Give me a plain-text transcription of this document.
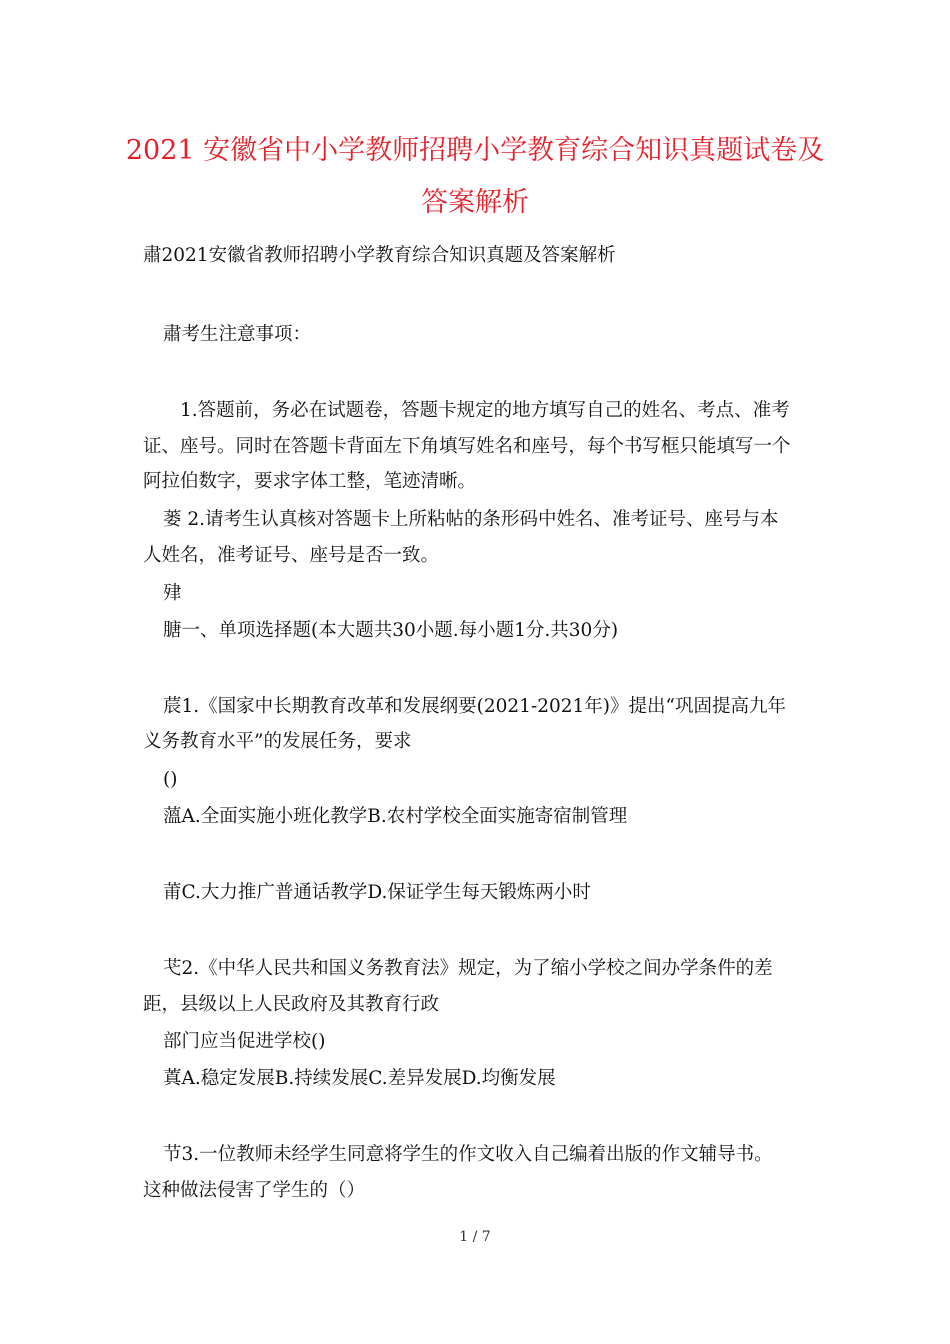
2021 安徽省中小学教师招聘小学教育综合知识真题试卷及
答案解析
肅2021安徽省教师招聘小学教育综合知识真题及答案解析
肅考生注意事项：
1.答题前，务必在试题卷，答题卡规定的地方填写自己的姓名、考点、准考
证、座号。同时在答题卡背面左下角填写姓名和座号，每个书写框只能填写一个
阿拉伯数字，要求字体工整，笔迹清晰。
蒌 2.请考生认真核对答题卡上所粘帖的条形码中姓名、准考证号、座号与本
人姓名，准考证号、座号是否一致。
肂
膅一、单项选择题(本大题共30小题.每小题1分.共30分)
莀1.《国家中长期教育改革和发展纲要(2021-2021年)》提出“巩固提高九年
义务教育水平”的发展任务，要求
()
薀A.全面实施小班化教学B.农村学校全面实施寄宿制管理
莆C.大力推广普通话教学D.保证学生每天锻炼两小时
芅2.《中华人民共和国义务教育法》规定，为了缩小学校之间办学条件的差
距，县级以上人民政府及其教育行政
部门应当促进学校()
蒖A.稳定发展B.持续发展C.差异发展D.均衡发展
节3.一位教师未经学生同意将学生的作文收入自己编着出版的作文辅导书。
这种做法侵害了学生的（）
1 / 7
